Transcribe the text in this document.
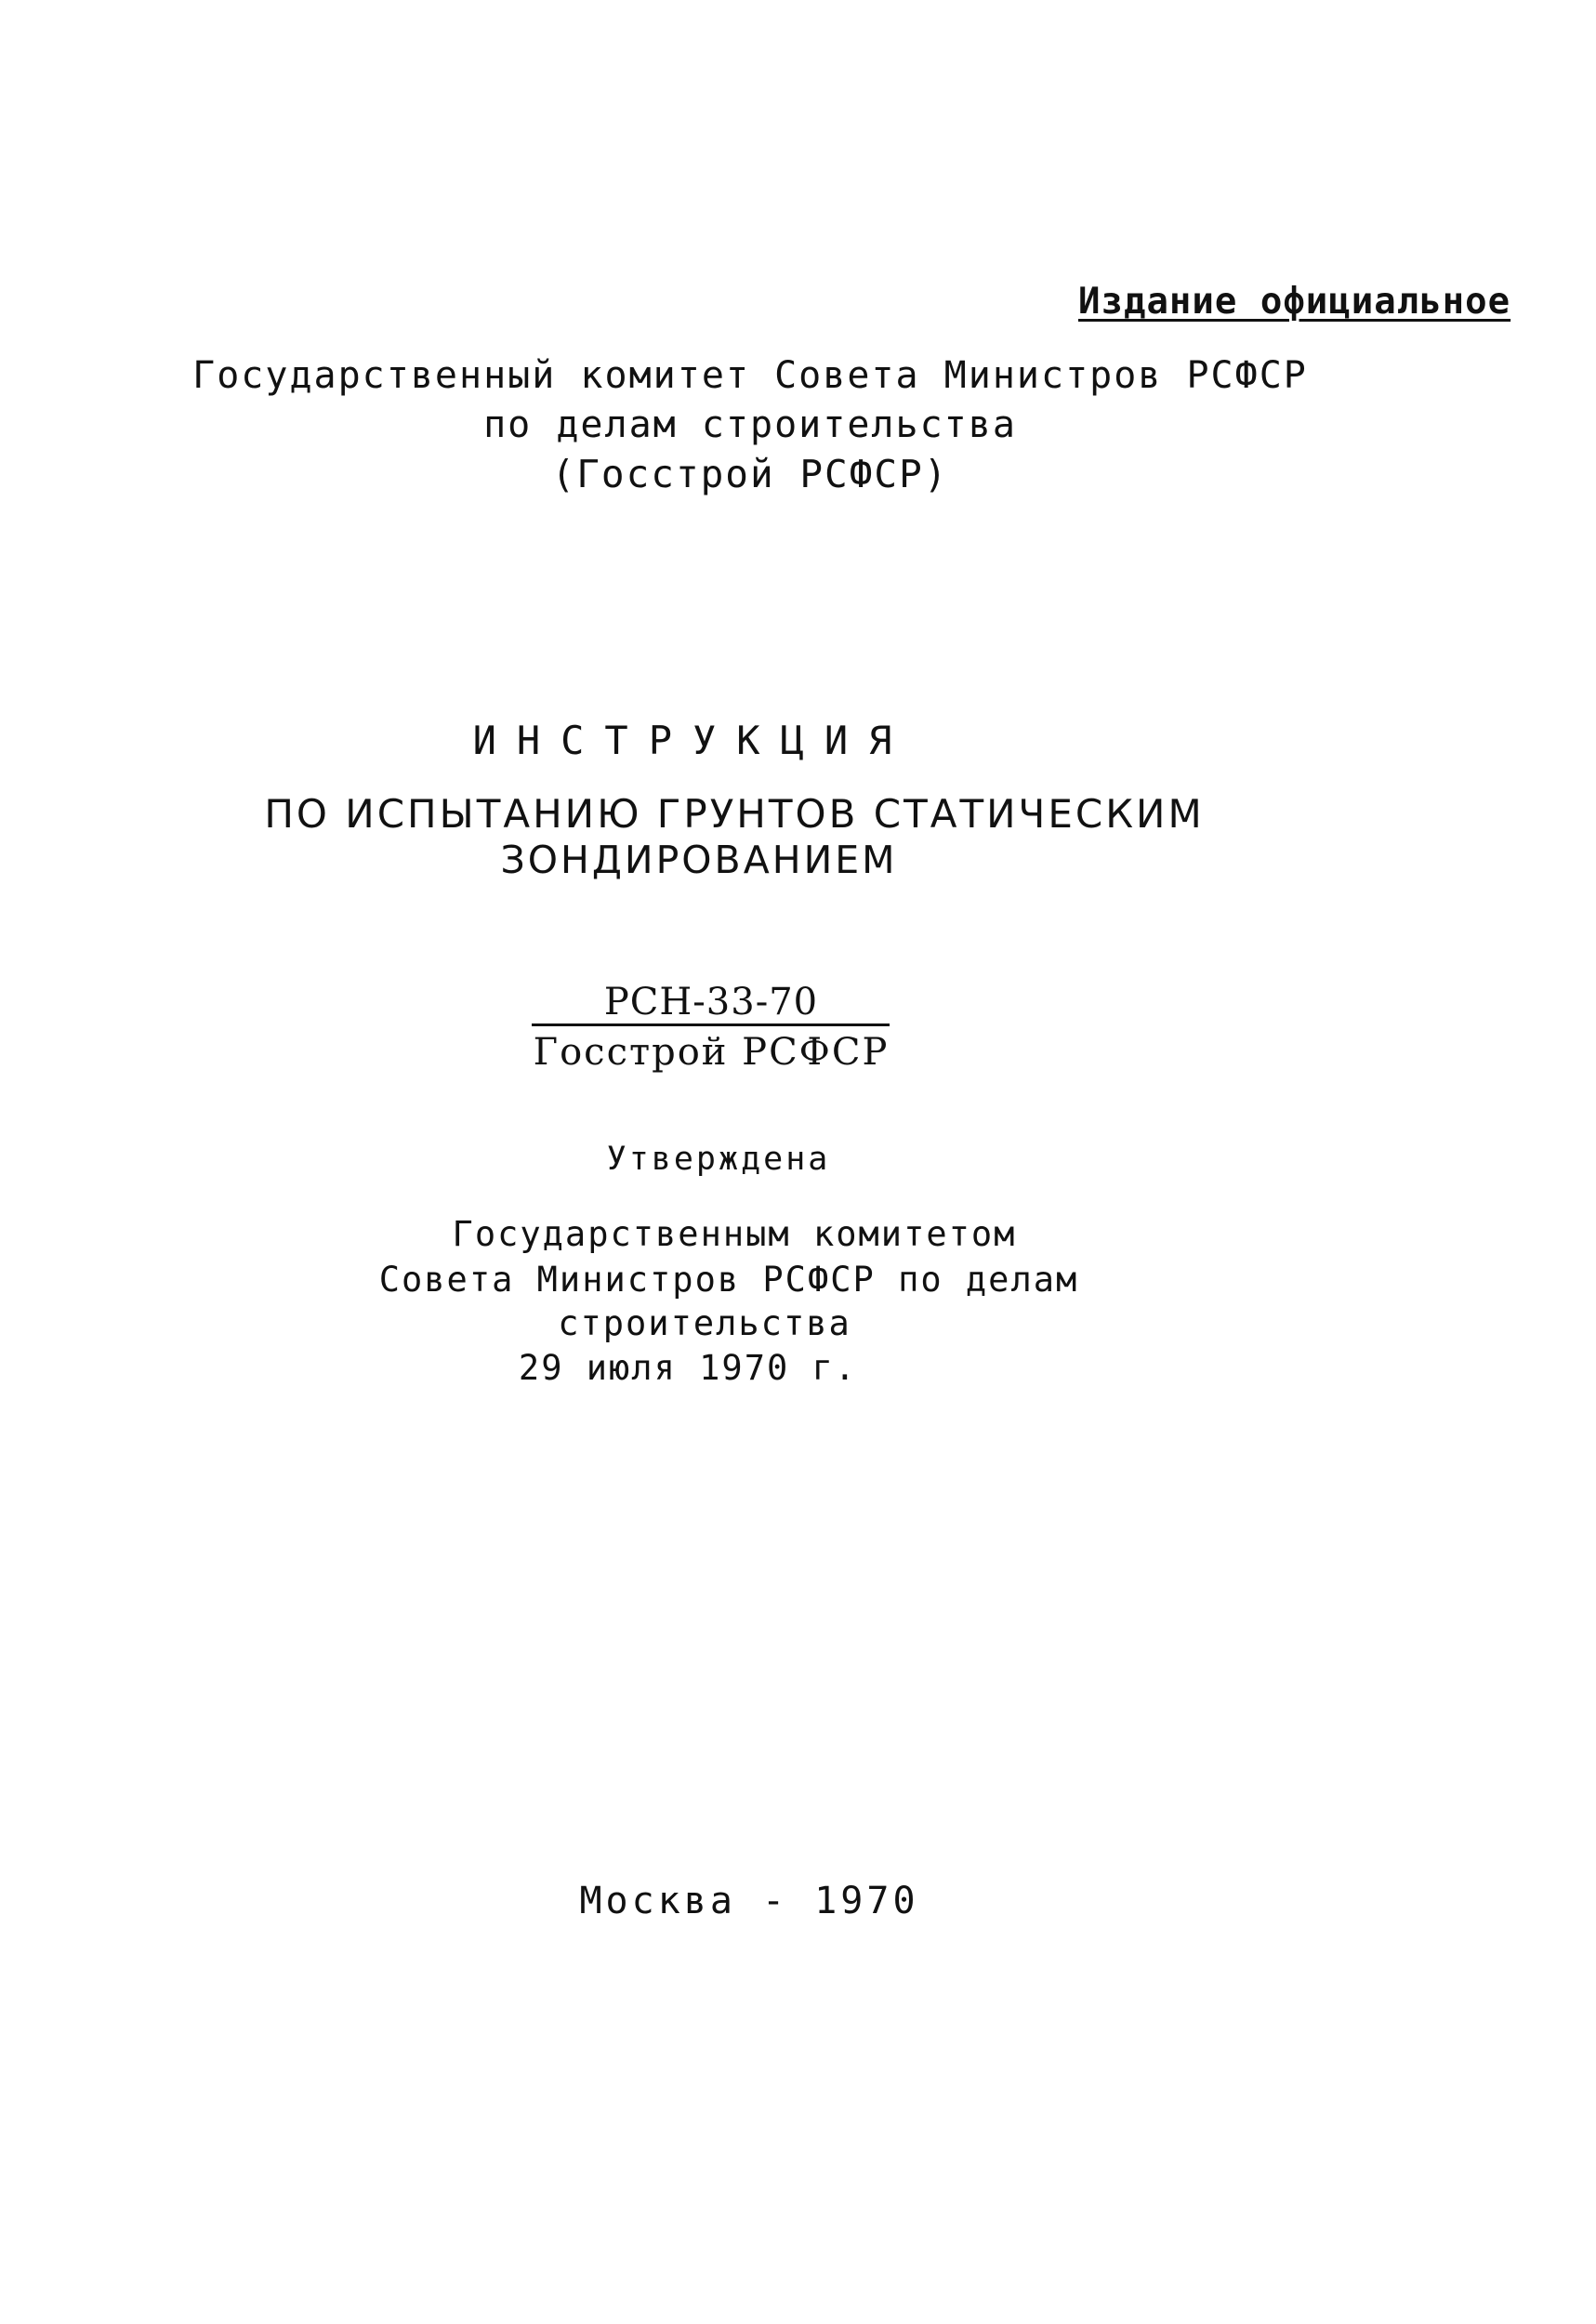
Издание официальное
Государственный комитет Совета Министров РСФСР
по делам строительства
(Госстрой РСФСР)
ИНСТРУКЦИЯ
ПО ИСПЫТАНИЮ ГРУНТОВ СТАТИЧЕСКИМ
ЗОНДИРОВАНИЕМ
РСН-33-70
Госстрой РСФСР
Утверждена
Государственным комитетом
Совета Министров РСФСР по делам
строительства
29 июля 1970 г.
Москва - 1970
